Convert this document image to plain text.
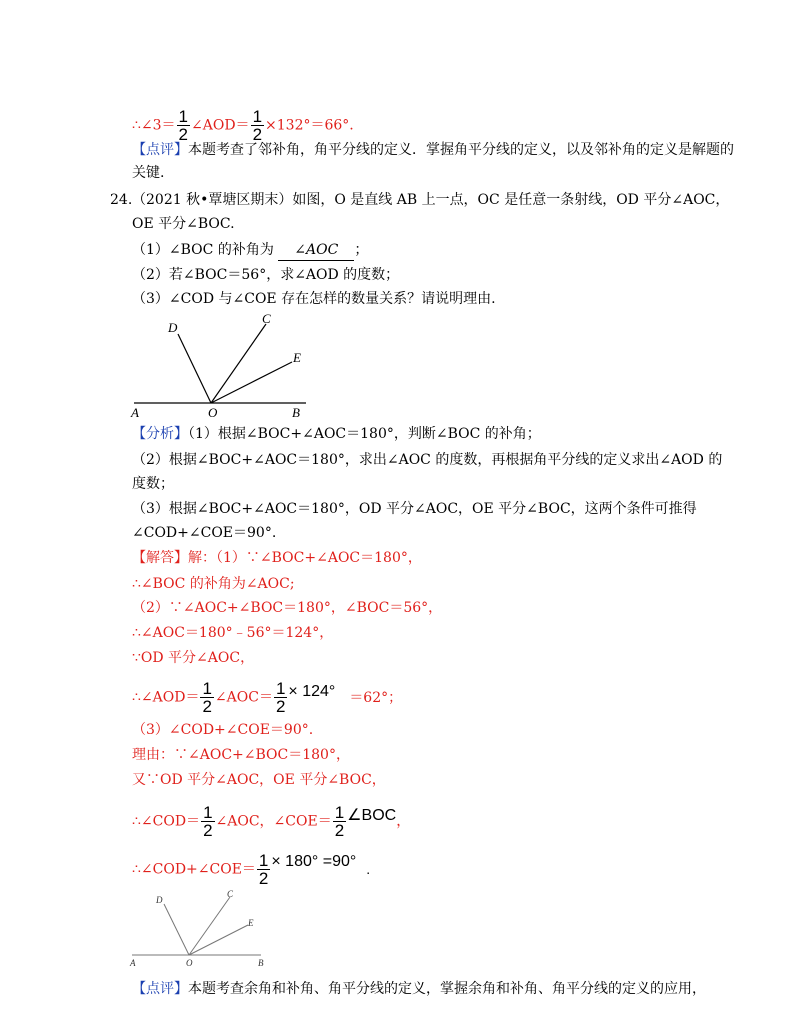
∴∠3＝ $\frac{1}{2}$ ∠AOD＝ $\frac{1}{2} \times 132^\circ=66^\circ$.
【点评】本题考查了邻补角，角平分线的定义．掌握角平分线的定义，以及邻补角的定义是解题的
关键.
24. （2021 秋•覃塘区期末）如图，O 是直线 AB 上一点，OC 是任意一条射线，OD 平分∠AOC，
OE 平分∠BOC.
（1）∠BOC 的补角为 ∠AOC ；
（2）若∠BOC＝56°，求∠AOD 的度数；
（3）∠COD 与∠COE 存在怎样的数量关系？请说明理由.
D
C
E
A	O	B
【分析】（1）根据∠BOC+∠AOC＝180°，判断∠BOC 的补角；
（2）根据∠BOC+∠AOC＝180°，求出∠AOC 的度数，再根据角平分线的定义求出∠AOD 的
度数；
（3）根据∠BOC+∠AOC＝180°，OD 平分∠AOC，OE 平分∠BOC，这两个条件可推得
∠COD+∠COE＝90°.
【解答】解：（1）∵∠BOC+∠AOC＝180°，
∴∠BOC 的补角为∠AOC;
（2）∵∠AOC+∠BOC＝180°，∠BOC＝56°，
∴∠AOC＝180°﹣56°＝124°，
∵OD 平分∠AOC，
∴∠AOD＝ $\frac{1}{2}$ ∠AOC＝ $\frac{1}{2} \times 124^\circ =62^\circ$；
（3）∠COD+∠COE＝90°.
理由：∵∠AOC+∠BOC＝180°，
又∵OD 平分∠AOC，OE 平分∠BOC，
∴∠COD＝ $\frac{1}{2}$ ∠AOC，∠COE＝ $\frac{1}{2}$ ∠BOC，
∴∠COD+∠COE＝ $\frac{1}{2} \times 180^\circ =90^\circ$ .
D
C
E
A	O	B
【点评】本题考查余角和补角、角平分线的定义，掌握余角和补角、角平分线的定义的应用，
